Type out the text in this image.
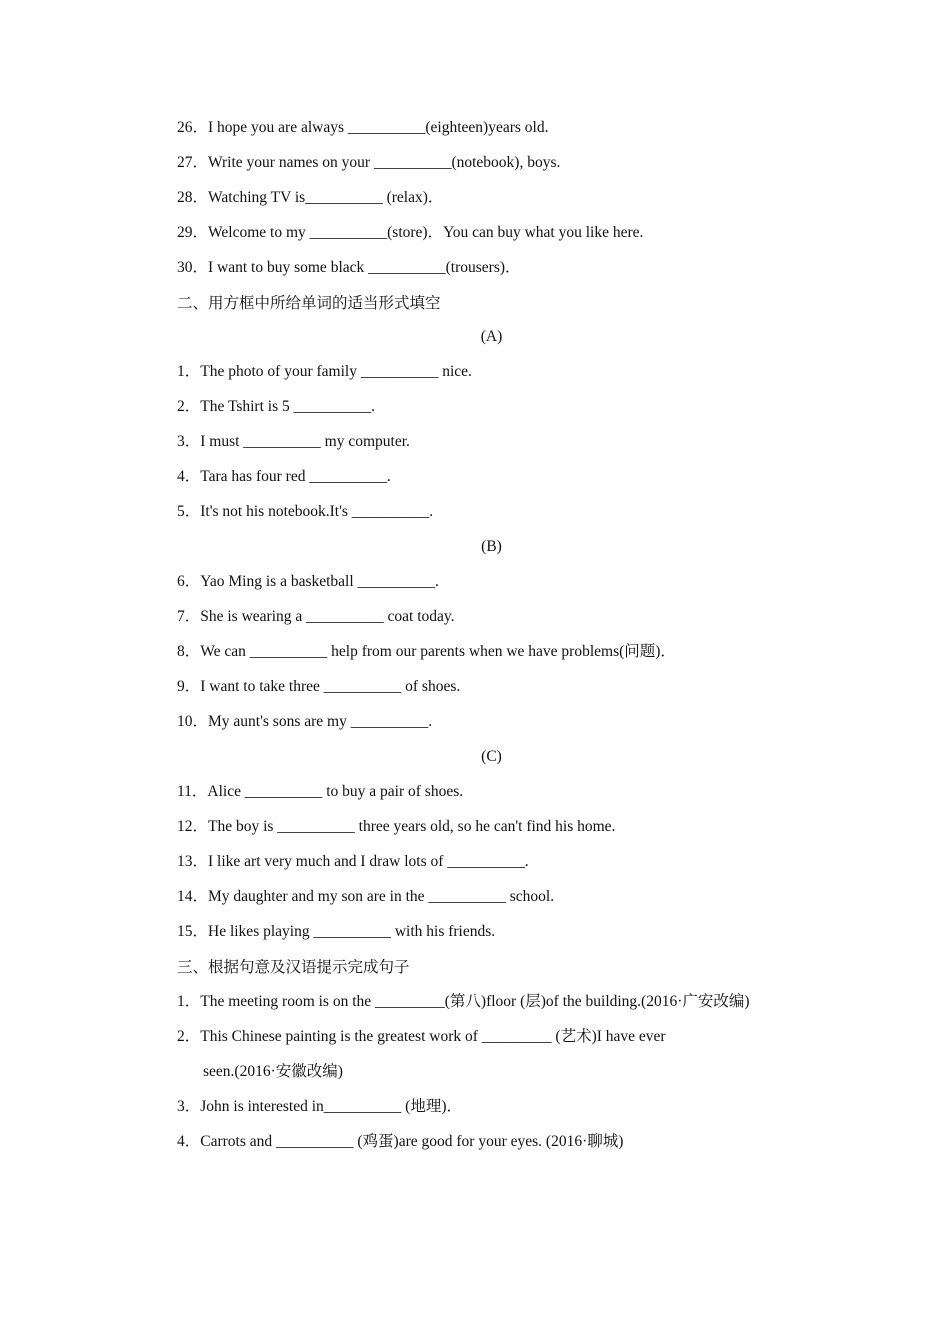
26．I hope you are always __________(eighteen)years old.
27．Write your names on your __________(notebook), boys.
28．Watching TV is__________ (relax)．
29．Welcome to my __________(store)．You can buy what you like here.
30．I want to buy some black __________(trousers)．
二、用方框中所给单词的适当形式填空
(A)
1．The photo of your family __________ nice.
2．The Tshirt is 5 __________.
3．I must __________ my computer.
4．Tara has four red __________.
5．It's not his notebook.It's __________.
(B)
6．Yao Ming is a basketball __________.
7．She is wearing a __________ coat today.
8．We can __________ help from our parents when we have problems(问题)．
9．I want to take three __________ of shoes.
10．My aunt's sons are my __________.
(C)
11．Alice __________ to buy a pair of shoes.
12．The boy is __________ three years old, so he can't find his home.
13．I like art very much and I draw lots of __________.
14．My daughter and my son are in the __________ school.
15．He likes playing __________ with his friends.
三、根据句意及汉语提示完成句子
1．The meeting room is on the _________(第八)floor (层)of the building.(2016·广安改编)
2．This Chinese painting is the greatest work of _________ (艺术)I have ever
seen.(2016·安徽改编)
3．John is interested in__________ (地理)．
4．Carrots and __________ (鸡蛋)are good for your eyes. (2016·聊城)
